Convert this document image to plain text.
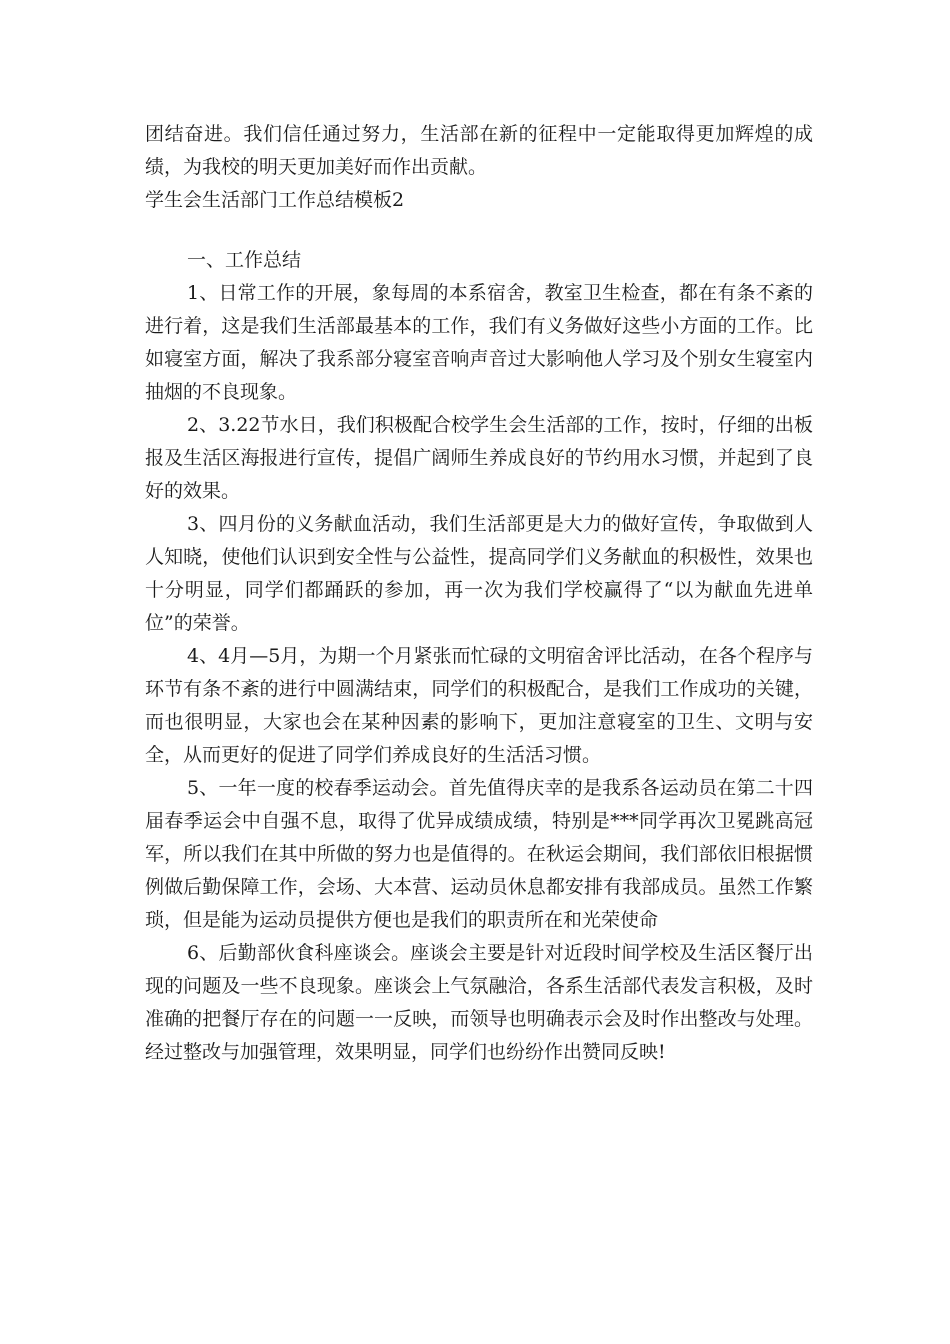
团结奋进。我们信任通过努力，生活部在新的征程中一定能取得更加辉煌的成绩，为我校的明天更加美好而作出贡献。

学生会生活部门工作总结模板2

一、工作总结

1、日常工作的开展，象每周的本系宿舍，教室卫生检查，都在有条不紊的进行着，这是我们生活部最基本的工作，我们有义务做好这些小方面的工作。比如寝室方面，解决了我系部分寝室音响声音过大影响他人学习及个别女生寝室内抽烟的不良现象。

2、3.22节水日，我们积极配合校学生会生活部的工作，按时，仔细的出板报及生活区海报进行宣传，提倡广阔师生养成良好的节约用水习惯，并起到了良好的效果。

3、四月份的义务献血活动，我们生活部更是大力的做好宣传，争取做到人人知晓，使他们认识到安全性与公益性，提高同学们义务献血的积极性，效果也十分明显，同学们都踊跃的参加，再一次为我们学校赢得了“以为献血先进单位”的荣誉。

4、4月—5月，为期一个月紧张而忙碌的文明宿舍评比活动，在各个程序与环节有条不紊的进行中圆满结束，同学们的积极配合，是我们工作成功的关键，而也很明显，大家也会在某种因素的影响下，更加注意寝室的卫生、文明与安全，从而更好的促进了同学们养成良好的生活活习惯。

5、一年一度的校春季运动会。首先值得庆幸的是我系各运动员在第二十四届春季运会中自强不息，取得了优异成绩成绩，特别是***同学再次卫冕跳高冠军，所以我们在其中所做的努力也是值得的。在秋运会期间，我们部依旧根据惯例做后勤保障工作，会场、大本营、运动员休息都安排有我部成员。虽然工作繁琐，但是能为运动员提供方便也是我们的职责所在和光荣使命

6、后勤部伙食科座谈会。座谈会主要是针对近段时间学校及生活区餐厅出现的问题及一些不良现象。座谈会上气氛融洽，各系生活部代表发言积极，及时准确的把餐厅存在的问题一一反映，而领导也明确表示会及时作出整改与处理。经过整改与加强管理，效果明显，同学们也纷纷作出赞同反映!
